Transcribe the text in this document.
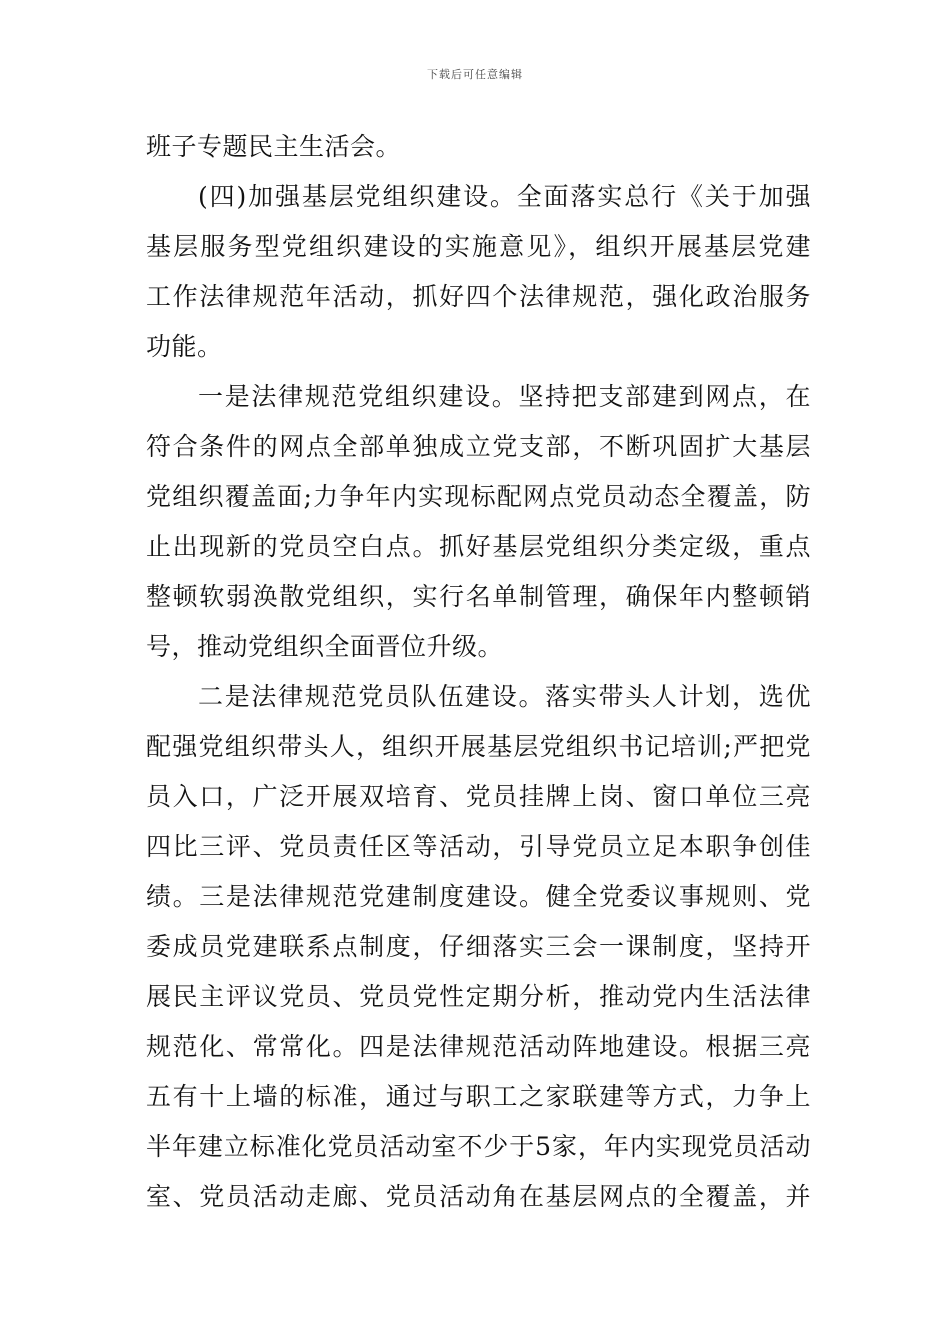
下载后可任意编辑
班子专题民主生活会。
(四)加强基层党组织建设。全面落实总行《关于加强
基层服务型党组织建设的实施意见》，组织开展基层党建
工作法律规范年活动，抓好四个法律规范，强化政治服务
功能。
一是法律规范党组织建设。坚持把支部建到网点，在
符合条件的网点全部单独成立党支部，不断巩固扩大基层
党组织覆盖面;力争年内实现标配网点党员动态全覆盖，防
止出现新的党员空白点。抓好基层党组织分类定级，重点
整顿软弱涣散党组织，实行名单制管理，确保年内整顿销
号，推动党组织全面晋位升级。
二是法律规范党员队伍建设。落实带头人计划，选优
配强党组织带头人，组织开展基层党组织书记培训;严把党
员入口，广泛开展双培育、党员挂牌上岗、窗口单位三亮
四比三评、党员责任区等活动，引导党员立足本职争创佳
绩。三是法律规范党建制度建设。健全党委议事规则、党
委成员党建联系点制度，仔细落实三会一课制度，坚持开
展民主评议党员、党员党性定期分析，推动党内生活法律
规范化、常常化。四是法律规范活动阵地建设。根据三亮
五有十上墙的标准，通过与职工之家联建等方式，力争上
半年建立标准化党员活动室不少于5家，年内实现党员活动
室、党员活动走廊、党员活动角在基层网点的全覆盖，并
